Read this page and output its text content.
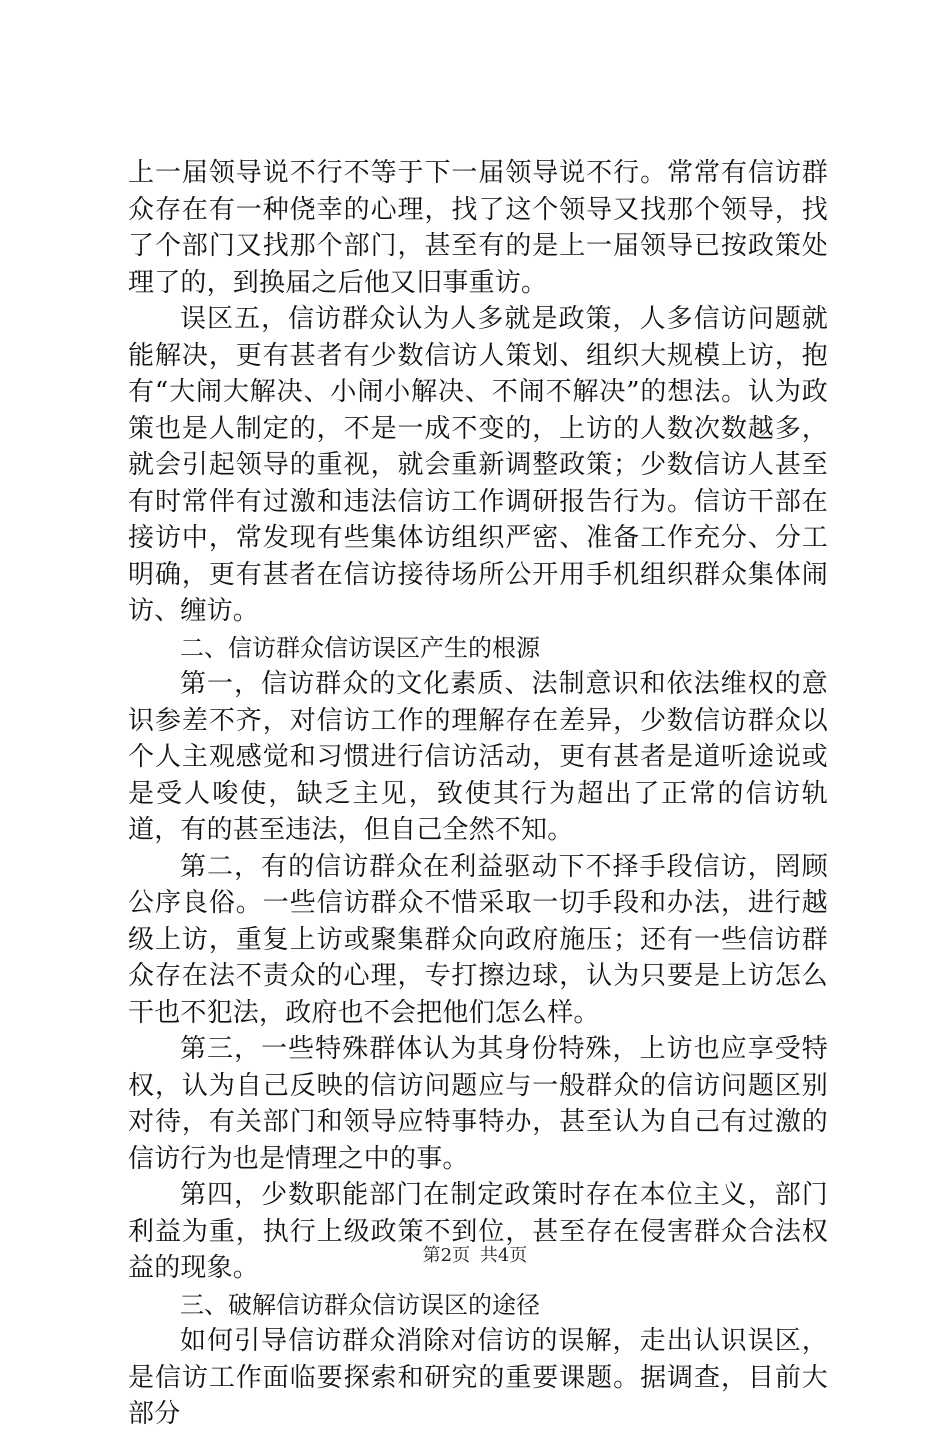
上一届领导说不行不等于下一届领导说不行。常常有信访群众存在有一种侥幸的心理，找了这个领导又找那个领导，找了个部门又找那个部门，甚至有的是上一届领导已按政策处理了的，到换届之后他又旧事重访。

误区五，信访群众认为人多就是政策，人多信访问题就能解决，更有甚者有少数信访人策划、组织大规模上访，抱有“大闹大解决、小闹小解决、不闹不解决”的想法。认为政策也是人制定的，不是一成不变的，上访的人数次数越多，就会引起领导的重视，就会重新调整政策；少数信访人甚至有时常伴有过激和违法信访工作调研报告行为。信访干部在接访中，常发现有些集体访组织严密、准备工作充分、分工明确，更有甚者在信访接待场所公开用手机组织群众集体闹访、缠访。

二、信访群众信访误区产生的根源

第一，信访群众的文化素质、法制意识和依法维权的意识参差不齐，对信访工作的理解存在差异，少数信访群众以个人主观感觉和习惯进行信访活动，更有甚者是道听途说或是受人唆使，缺乏主见，致使其行为超出了正常的信访轨道，有的甚至违法，但自己全然不知。

第二，有的信访群众在利益驱动下不择手段信访，罔顾公序良俗。一些信访群众不惜采取一切手段和办法，进行越级上访，重复上访或聚集群众向政府施压；还有一些信访群众存在法不责众的心理，专打擦边球，认为只要是上访怎么干也不犯法，政府也不会把他们怎么样。

第三，一些特殊群体认为其身份特殊，上访也应享受特权，认为自己反映的信访问题应与一般群众的信访问题区别对待，有关部门和领导应特事特办，甚至认为自己有过激的信访行为也是情理之中的事。

第四，少数职能部门在制定政策时存在本位主义，部门利益为重，执行上级政策不到位，甚至存在侵害群众合法权益的现象。

三、破解信访群众信访误区的途径

如何引导信访群众消除对信访的误解，走出认识误区，是信访工作面临要探索和研究的重要课题。据调查，目前大部分

第2页 共4页
